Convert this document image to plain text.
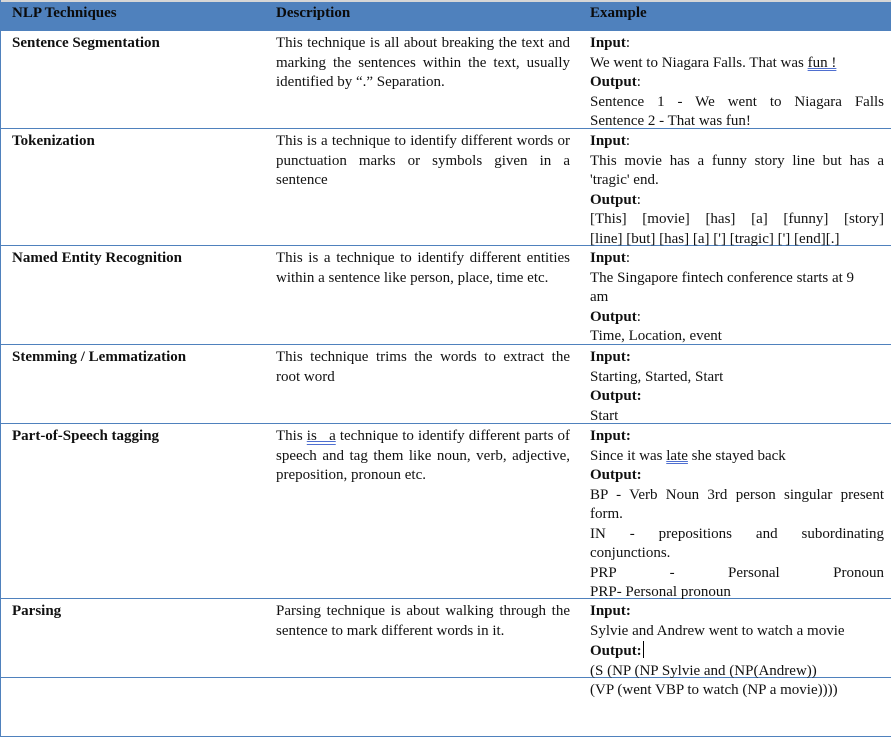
NLP Techniques	Description	Example
Sentence Segmentation	This technique is all about breaking the text and marking the sentences within the text, usually identified by “.” Separation.
Input:
We went to Niagara Falls. That was fun !
Output:
Sentence 1 - We went to Niagara Falls
Sentence 2 - That was fun!
Tokenization	This is a technique to identify different words or punctuation marks or symbols given in a sentence
Input:
This movie has a funny story line but has a
'tragic' end.
Output:
[This] [movie] [has] [a] [funny] [story]
[line] [but] [has] [a] ['] [tragic] ['] [end][.]
Named Entity Recognition	This is a technique to identify different entities within a sentence like person, place, time etc.
Input:
The Singapore fintech conference starts at 9
am
Output:
Time, Location, event
Stemming / Lemmatization	This technique trims the words to extract the root word
Input:
Starting, Started, Start
Output:
Start
Part-of-Speech tagging	This is   a technique to identify different parts of speech and tag them like noun, verb, adjective, preposition, pronoun etc.
Input:
Since it was late she stayed back
Output:
BP - Verb Noun 3rd person singular present
form.
IN - prepositions and subordinating
conjunctions.
PRP - Personal Pronoun
PRP- Personal pronoun
Parsing	Parsing technique is about walking through the sentence to mark different words in it.
Input:
Sylvie and Andrew went to watch a movie
Output:
(S (NP (NP Sylvie and (NP(Andrew))
(VP (went VBP to watch (NP a movie))))
